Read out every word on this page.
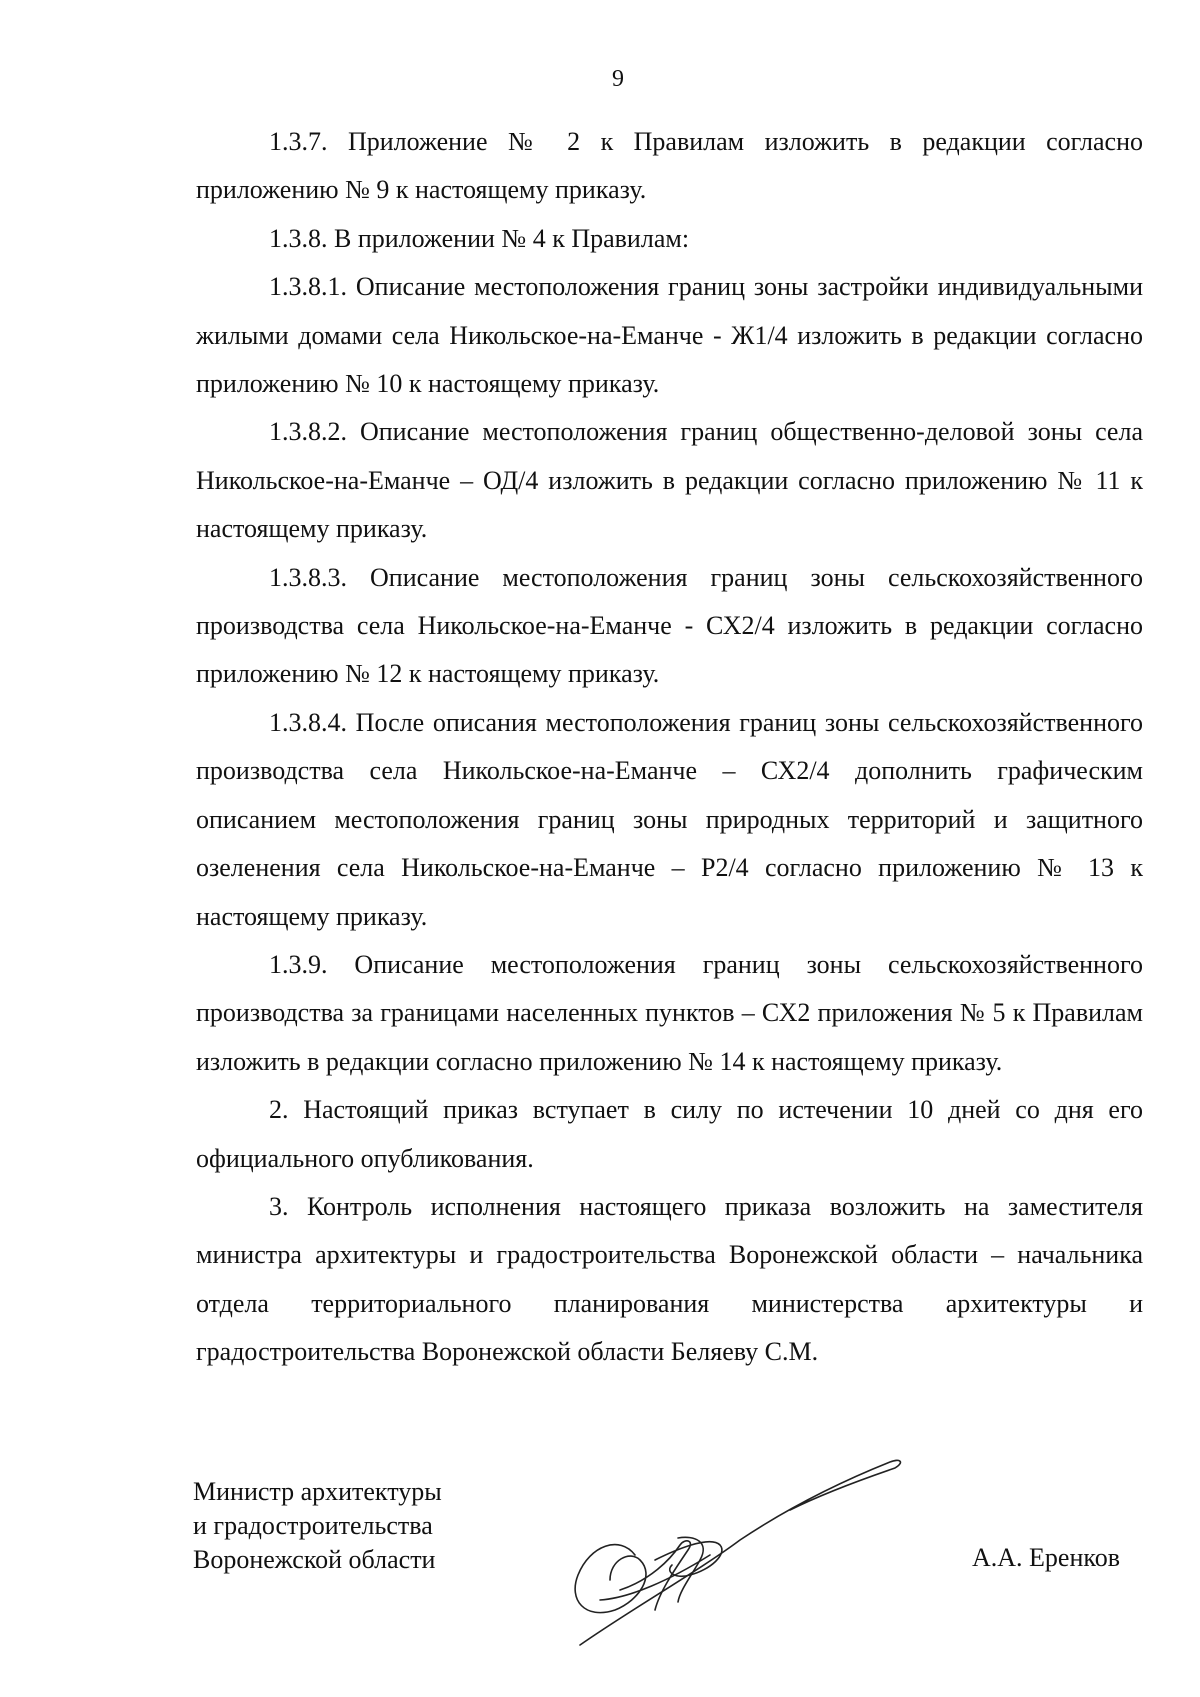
9

1.3.7. Приложение № 2 к Правилам изложить в редакции согласно приложению № 9 к настоящему приказу.

1.3.8. В приложении № 4 к Правилам:

1.3.8.1. Описание местоположения границ зоны застройки индивидуальными жилыми домами села Никольское-на-Еманче - Ж1/4 изложить в редакции согласно приложению № 10 к настоящему приказу.

1.3.8.2. Описание местоположения границ общественно-деловой зоны села Никольское-на-Еманче – ОД/4 изложить в редакции согласно приложению № 11 к настоящему приказу.

1.3.8.3. Описание местоположения границ зоны сельскохозяйственного производства села Никольское-на-Еманче - СХ2/4 изложить в редакции согласно приложению № 12 к настоящему приказу.

1.3.8.4. После описания местоположения границ зоны сельскохозяйственного производства села Никольское-на-Еманче – СХ2/4 дополнить графическим описанием местоположения границ зоны природных территорий и защитного озеленения села Никольское-на-Еманче – Р2/4 согласно приложению № 13 к настоящему приказу.

1.3.9. Описание местоположения границ зоны сельскохозяйственного производства за границами населенных пунктов – СХ2 приложения № 5 к Правилам изложить в редакции согласно приложению № 14 к настоящему приказу.

2. Настоящий приказ вступает в силу по истечении 10 дней со дня его официального опубликования.

3. Контроль исполнения настоящего приказа возложить на заместителя министра архитектуры и градостроительства Воронежской области – начальника отдела территориального планирования министерства архитектуры и градостроительства Воронежской области Беляеву С.М.

Министр архитектуры
и градостроительства
Воронежской области	А.А. Еренков
